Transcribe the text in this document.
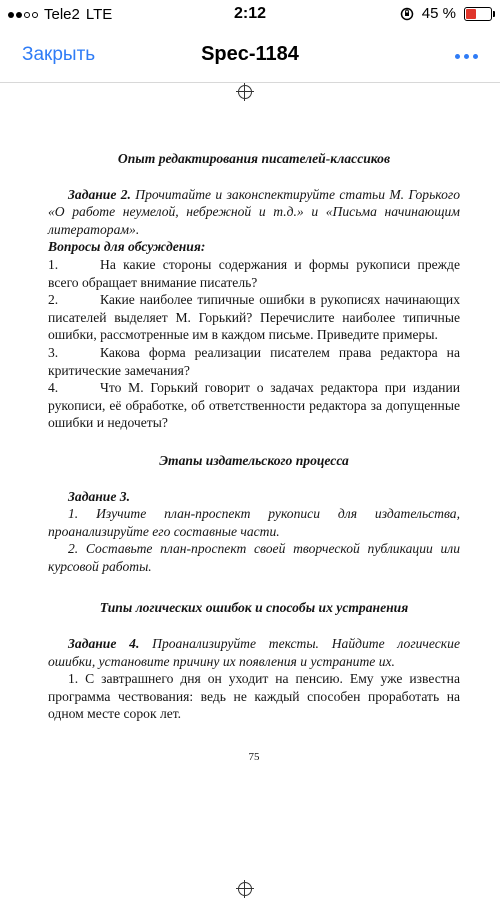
Tele2 LTE	2:12	45 %
Закрыть	Spec-1184

Опыт редактирования писателей-классиков

Задание 2. Прочитайте и законспектируйте статьи М. Горького «О работе неумелой, небрежной и т.д.» и «Письма начинающим литераторам».

Вопросы для обсуждения:

1.	На какие стороны содержания и формы рукописи прежде всего обращает внимание писатель?

2.	Какие наиболее типичные ошибки в рукописях начинающих писателей выделяет М. Горький? Перечислите наиболее типичные ошибки, рассмотренные им в каждом письме. Приведите примеры.

3.	Какова форма реализации писателем права редактора на критические замечания?

4.	Что М. Горький говорит о задачах редактора при издании рукописи, её обработке, об ответственности редактора за допущенные ошибки и недочеты?

Этапы издательского процесса

Задание 3.

1. Изучите план-проспект рукописи для издательства, проанализируйте его составные части.

2. Составьте план-проспект своей творческой публикации или курсовой работы.

Типы логических ошибок и способы их устранения

Задание 4. Проанализируйте тексты. Найдите логические ошибки, установите причину их появления и устраните их.

1. С завтрашнего дня он уходит на пенсию. Ему уже известна программа чествования: ведь не каждый способен проработать на одном месте сорок лет.

75
